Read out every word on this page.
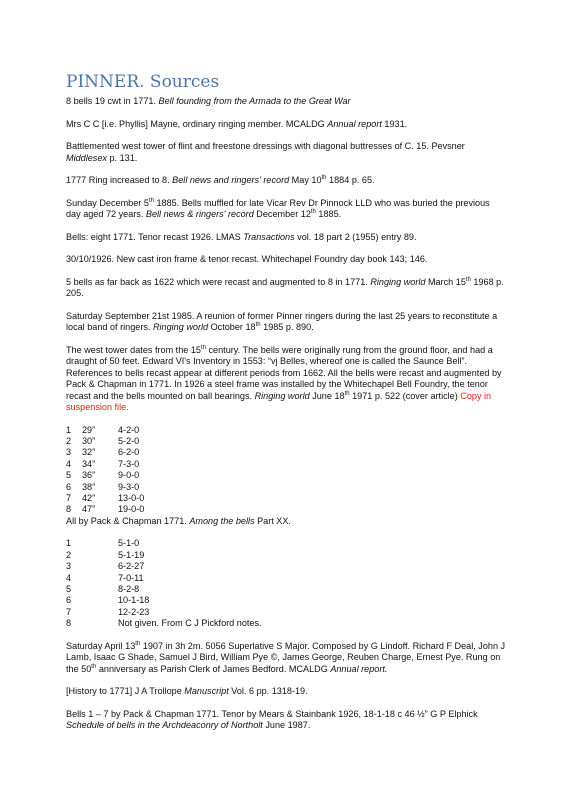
PINNER. Sources

8 bells 19 cwt in 1771. Bell founding from the Armada to the Great War

Mrs C C [i.e. Phyllis] Mayne, ordinary ringing member. MCALDG Annual report 1931.

Battlemented west tower of flint and freestone dressings with diagonal buttresses of C. 15. Pevsner Middlesex p. 131.

1777 Ring increased to 8. Bell news and ringers' record May 10th 1884 p. 65.

Sunday December 5th 1885. Bells muffled for late Vicar Rev Dr Pinnock LLD who was buried the previous day aged 72 years. Bell news & ringers' record December 12th 1885.

Bells: eight 1771. Tenor recast 1926. LMAS Transactions vol. 18 part 2 (1955) entry 89.

30/10/1926. New cast iron frame & tenor recast. Whitechapel Foundry day book 143; 146.

5 bells as far back as 1622 which were recast and augmented to 8 in 1771. Ringing world March 15th 1968 p. 205.

Saturday September 21st 1985. A reunion of former Pinner ringers during the last 25 years to reconstitute a local band of ringers. Ringing world October 18th 1985 p. 890.

The west tower dates from the 15th century. The bells were originally rung from the ground floor, and had a draught of 50 feet. Edward VI's Inventory in 1553: “vj Belles, whereof one is called the Saunce Bell”. References to bells recast appear at different periods from 1662. All the bells were recast and augmented by Pack & Chapman in 1771. In 1926 a steel frame was installed by the Whitechapel Bell Foundry, the tenor recast and the bells mounted on ball bearings. Ringing world June 18th 1971 p. 522 (cover article) Copy in suspension file.

1	29”	4-2-0
2	30”	5-2-0
3	32”	6-2-0
4	34”	7-3-0
5	36”	9-0-0
6	38”	9-3-0
7	42”	13-0-0
8	47”	19-0-0

All by Pack & Chapman 1771. Among the bells Part XX.

1	5-1-0
2	5-1-19
3	6-2-27
4	7-0-11
5	8-2-8
6	10-1-18
7	12-2-23
8	Not given. From C J Pickford notes.

Saturday April 13th 1907 in 3h 2m. 5056 Superlative S Major. Composed by G Lindoff. Richard F Deal, John J Lamb, Isaac G Shade, Samuel J Bird, William Pye ©, James George, Reuben Charge, Ernest Pye. Rung on the 50th anniversary as Parish Clerk of James Bedford. MCALDG Annual report.

[History to 1771] J A Trollope Manuscript Vol. 6 pp. 1318-19.

Bells 1 – 7 by Pack & Chapman 1771. Tenor by Mears & Stainbank 1926, 18-1-18 c 46 ½” G P Elphick Schedule of bells in the Archdeaconry of Northolt June 1987.
